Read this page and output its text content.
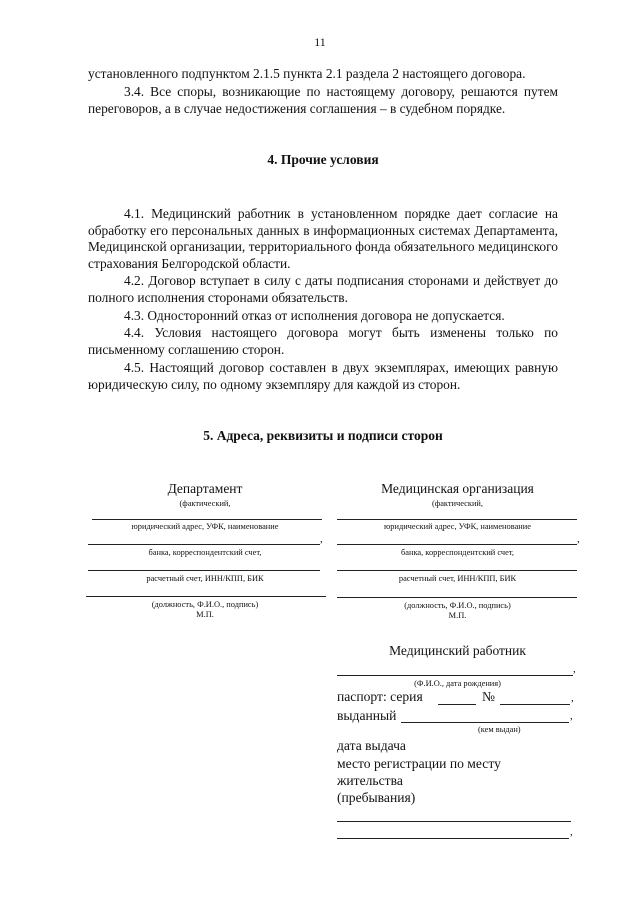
11
установленного подпунктом 2.1.5 пункта 2.1 раздела 2 настоящего договора.
3.4. Все споры, возникающие по настоящему договору, решаются путем переговоров, а в случае недостижения соглашения – в судебном порядке.
4. Прочие условия
4.1. Медицинский работник в установленном порядке дает согласие на обработку его персональных данных в информационных системах Департамента, Медицинской организации, территориального фонда обязательного медицинского страхования Белгородской области.
4.2. Договор вступает в силу с даты подписания сторонами и действует до полного исполнения сторонами обязательств.
4.3. Односторонний отказ от исполнения договора не допускается.
4.4. Условия настоящего договора могут быть изменены только по письменному соглашению сторон.
4.5. Настоящий договор составлен в двух экземплярах, имеющих равную юридическую силу, по одному экземпляру для каждой из сторон.
5. Адреса, реквизиты и подписи сторон
Департамент
(фактический,
юридический адрес, УФК, наименование
банка, корреспондентский счет,
расчетный счет, ИНН/КПП, БИК
(должность, Ф.И.О., подпись)
М.П.
Медицинская организация
(фактический,
юридический адрес, УФК, наименование
банка, корреспондентский счет,
расчетный счет, ИНН/КПП, БИК
(должность, Ф.И.О., подпись)
М.П.
Медицинский работник
,
(Ф.И.О., дата рождения)
паспорт: серия	№	,
выданный	,
(кем выдан)
дата выдача
место регистрации по месту
жительства
(пребывания)
,
,	,
